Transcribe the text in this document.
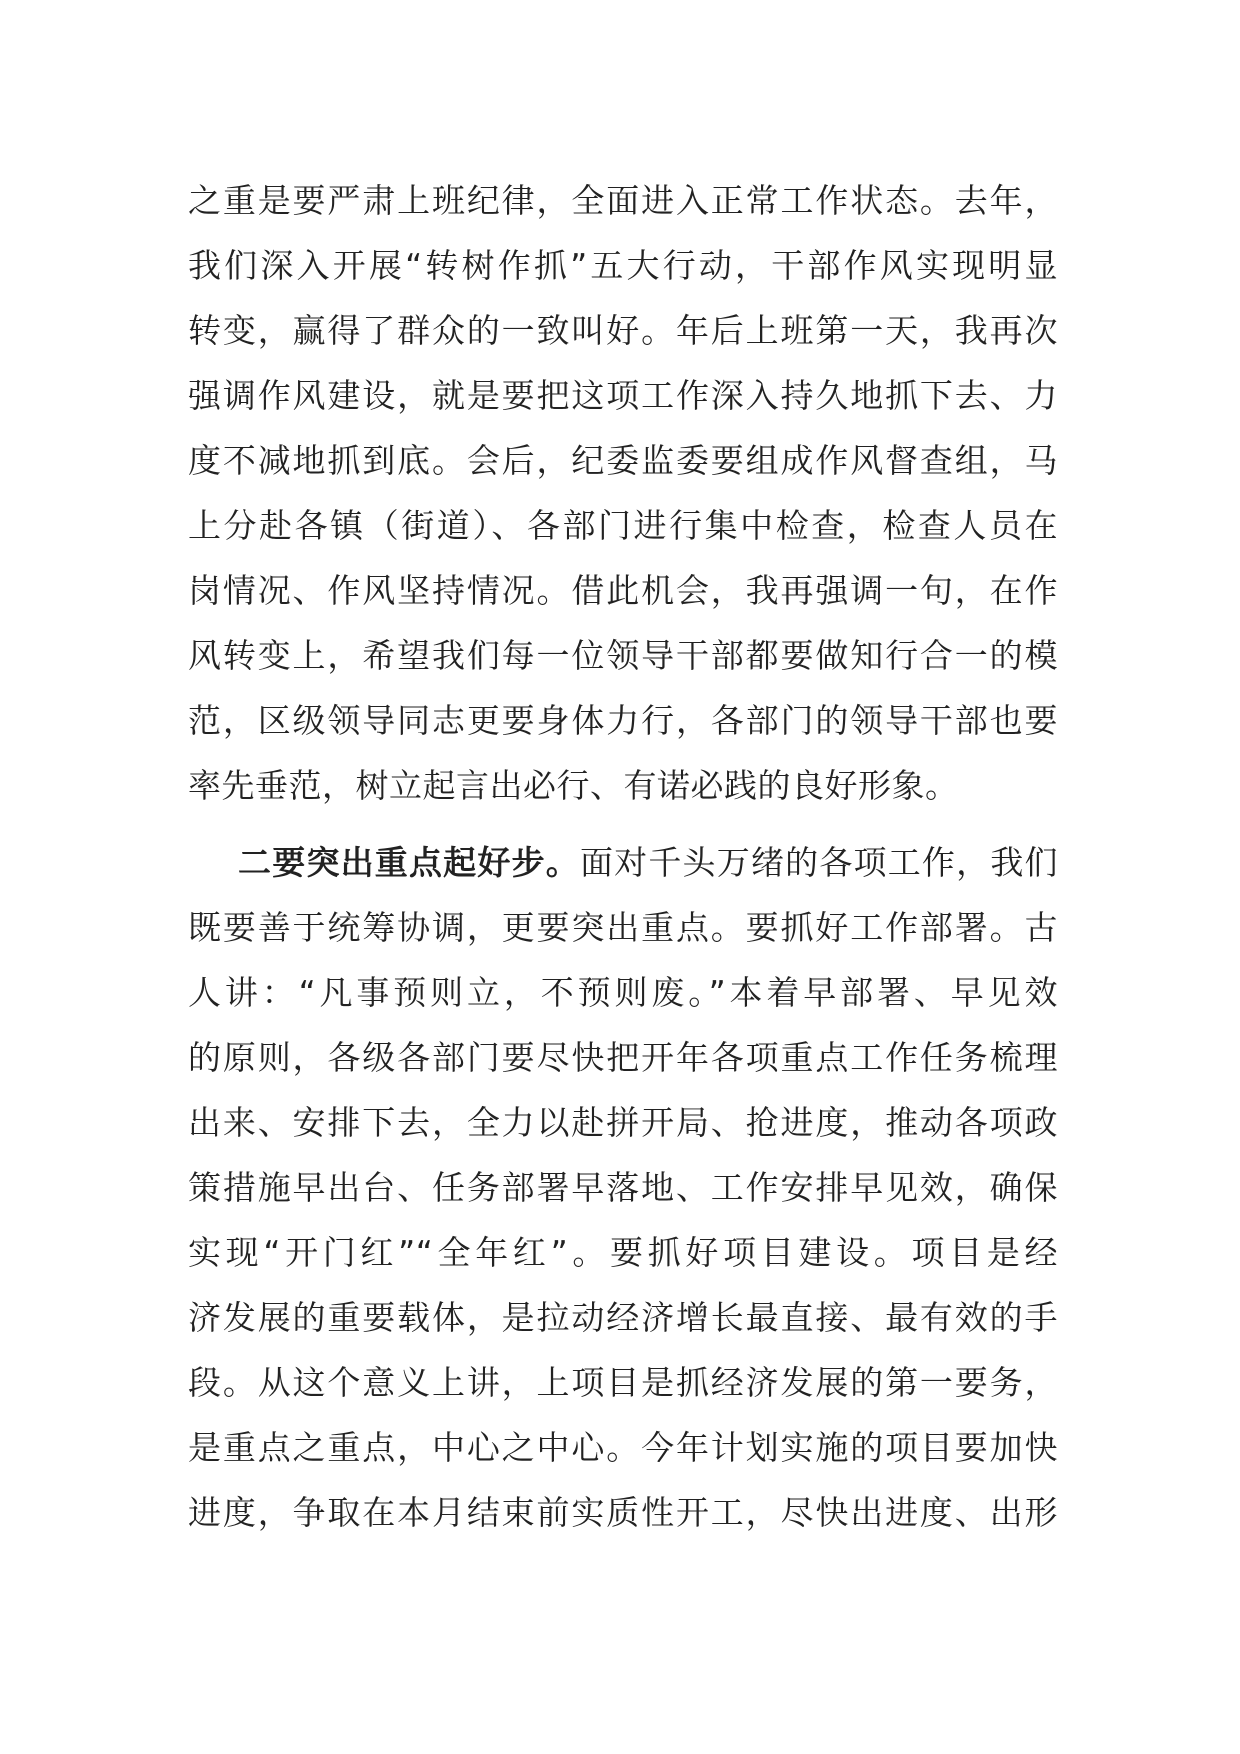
之重是要严肃上班纪律，全面进入正常工作状态。去年，
我们深入开展“转树作抓”五大行动，干部作风实现明显
转变，赢得了群众的一致叫好。年后上班第一天，我再次
强调作风建设，就是要把这项工作深入持久地抓下去、力
度不减地抓到底。会后，纪委监委要组成作风督查组，马
上分赴各镇（街道）、各部门进行集中检查，检查人员在
岗情况、作风坚持情况。借此机会，我再强调一句，在作
风转变上，希望我们每一位领导干部都要做知行合一的模
范，区级领导同志更要身体力行，各部门的领导干部也要
率先垂范，树立起言出必行、有诺必践的良好形象。

二要突出重点起好步。面对千头万绪的各项工作，我们
既要善于统筹协调，更要突出重点。要抓好工作部署。古
人讲：“凡事预则立，不预则废。”本着早部署、早见效
的原则，各级各部门要尽快把开年各项重点工作任务梳理
出来、安排下去，全力以赴拼开局、抢进度，推动各项政
策措施早出台、任务部署早落地、工作安排早见效，确保
实现“开门红”“全年红”。要抓好项目建设。项目是经
济发展的重要载体，是拉动经济增长最直接、最有效的手
段。从这个意义上讲，上项目是抓经济发展的第一要务，
是重点之重点，中心之中心。今年计划实施的项目要加快
进度，争取在本月结束前实质性开工，尽快出进度、出形
